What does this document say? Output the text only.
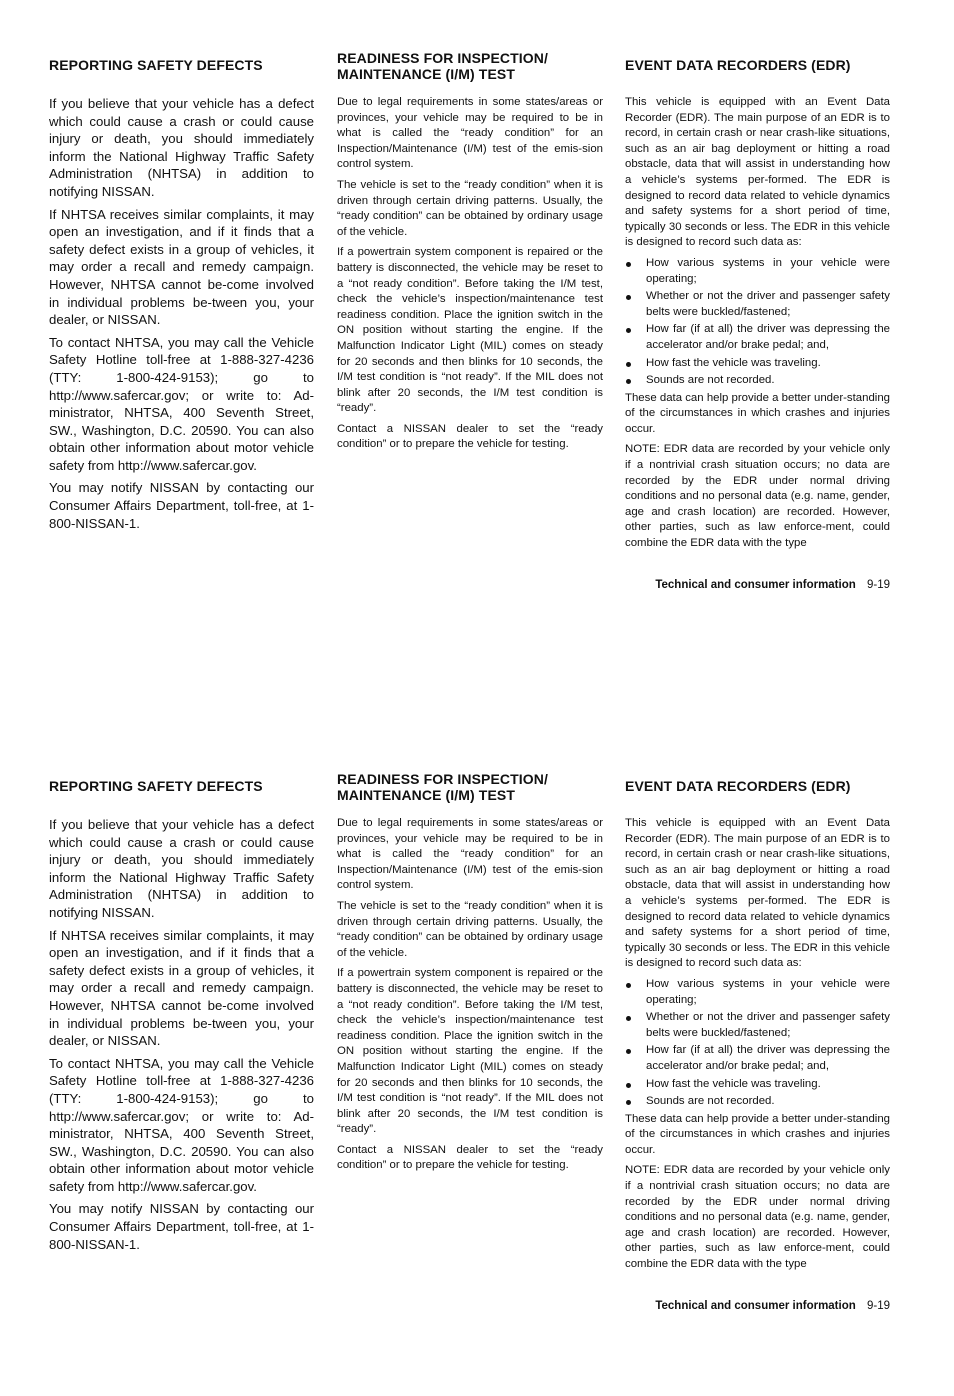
REPORTING SAFETY DEFECTS

If you believe that your vehicle has a defect which could cause a crash or could cause injury or death, you should immediately inform the National Highway Traffic Safety Administration (NHTSA) in addition to notifying NISSAN.

If NHTSA receives similar complaints, it may open an investigation, and if it finds that a safety defect exists in a group of vehicles, it may order a recall and remedy campaign. However, NHTSA cannot be-come involved in individual problems be-tween you, your dealer, or NISSAN.

To contact NHTSA, you may call the Vehicle Safety Hotline toll-free at 1-888-327-4236 (TTY: 1-800-424-9153); go to http://www.safercar.gov; or write to: Ad-ministrator, NHTSA, 400 Seventh Street, SW., Washington, D.C. 20590. You can also obtain other information about motor vehicle safety from http://www.safercar.gov.

You may notify NISSAN by contacting our Consumer Affairs Department, toll-free, at 1-800-NISSAN-1.

READINESS FOR INSPECTION/
MAINTENANCE (I/M) TEST

Due to legal requirements in some states/areas or provinces, your vehicle may be required to be in what is called the “ready condition” for an Inspection/Maintenance (I/M) test of the emis-sion control system.

The vehicle is set to the “ready condition” when it is driven through certain driving patterns. Usually, the “ready condition” can be obtained by ordinary usage of the vehicle.

If a powertrain system component is repaired or the battery is disconnected, the vehicle may be reset to a “not ready condition”. Before taking the I/M test, check the vehicle’s inspection/maintenance test readiness condition. Place the ignition switch in the ON position without starting the engine. If the Malfunction Indicator Light (MIL) comes on steady for 20 seconds and then blinks for 10 seconds, the I/M test condition is “not ready”. If the MIL does not blink after 20 seconds, the I/M test condition is “ready”.

Contact a NISSAN dealer to set the “ready condition” or to prepare the vehicle for testing.

EVENT DATA RECORDERS (EDR)

This vehicle is equipped with an Event Data Recorder (EDR). The main purpose of an EDR is to record, in certain crash or near crash-like situations, such as an air bag deployment or hitting a road obstacle, data that will assist in understanding how a vehicle’s systems per-formed. The EDR is designed to record data related to vehicle dynamics and safety systems for a short period of time, typically 30 seconds or less. The EDR in this vehicle is designed to record such data as:

How various systems in your vehicle were operating;
Whether or not the driver and passenger safety belts were buckled/fastened;
How far (if at all) the driver was depressing the accelerator and/or brake pedal; and,
How fast the vehicle was traveling.
Sounds are not recorded.

These data can help provide a better under-standing of the circumstances in which crashes and injuries occur.

NOTE: EDR data are recorded by your vehicle only if a nontrivial crash situation occurs; no data are recorded by the EDR under normal driving conditions and no personal data (e.g. name, gender, age and crash location) are recorded. However, other parties, such as law enforce-ment, could combine the EDR data with the type

Technical and consumer information 9-19
REPORTING SAFETY DEFECTS

If you believe that your vehicle has a defect which could cause a crash or could cause injury or death, you should immediately inform the National Highway Traffic Safety Administration (NHTSA) in addition to notifying NISSAN.

If NHTSA receives similar complaints, it may open an investigation, and if it finds that a safety defect exists in a group of vehicles, it may order a recall and remedy campaign. However, NHTSA cannot be-come involved in individual problems be-tween you, your dealer, or NISSAN.

To contact NHTSA, you may call the Vehicle Safety Hotline toll-free at 1-888-327-4236 (TTY: 1-800-424-9153); go to http://www.safercar.gov; or write to: Ad-ministrator, NHTSA, 400 Seventh Street, SW., Washington, D.C. 20590. You can also obtain other information about motor vehicle safety from http://www.safercar.gov.

You may notify NISSAN by contacting our Consumer Affairs Department, toll-free, at 1-800-NISSAN-1.

READINESS FOR INSPECTION/
MAINTENANCE (I/M) TEST

Due to legal requirements in some states/areas or provinces, your vehicle may be required to be in what is called the “ready condition” for an Inspection/Maintenance (I/M) test of the emis-sion control system.

The vehicle is set to the “ready condition” when it is driven through certain driving patterns. Usually, the “ready condition” can be obtained by ordinary usage of the vehicle.

If a powertrain system component is repaired or the battery is disconnected, the vehicle may be reset to a “not ready condition”. Before taking the I/M test, check the vehicle’s inspection/maintenance test readiness condition. Place the ignition switch in the ON position without starting the engine. If the Malfunction Indicator Light (MIL) comes on steady for 20 seconds and then blinks for 10 seconds, the I/M test condition is “not ready”. If the MIL does not blink after 20 seconds, the I/M test condition is “ready”.

Contact a NISSAN dealer to set the “ready condition” or to prepare the vehicle for testing.

EVENT DATA RECORDERS (EDR)

This vehicle is equipped with an Event Data Recorder (EDR). The main purpose of an EDR is to record, in certain crash or near crash-like situations, such as an air bag deployment or hitting a road obstacle, data that will assist in understanding how a vehicle’s systems per-formed. The EDR is designed to record data related to vehicle dynamics and safety systems for a short period of time, typically 30 seconds or less. The EDR in this vehicle is designed to record such data as:

How various systems in your vehicle were operating;
Whether or not the driver and passenger safety belts were buckled/fastened;
How far (if at all) the driver was depressing the accelerator and/or brake pedal; and,
How fast the vehicle was traveling.
Sounds are not recorded.

These data can help provide a better under-standing of the circumstances in which crashes and injuries occur.

NOTE: EDR data are recorded by your vehicle only if a nontrivial crash situation occurs; no data are recorded by the EDR under normal driving conditions and no personal data (e.g. name, gender, age and crash location) are recorded. However, other parties, such as law enforce-ment, could combine the EDR data with the type

Technical and consumer information 9-19
